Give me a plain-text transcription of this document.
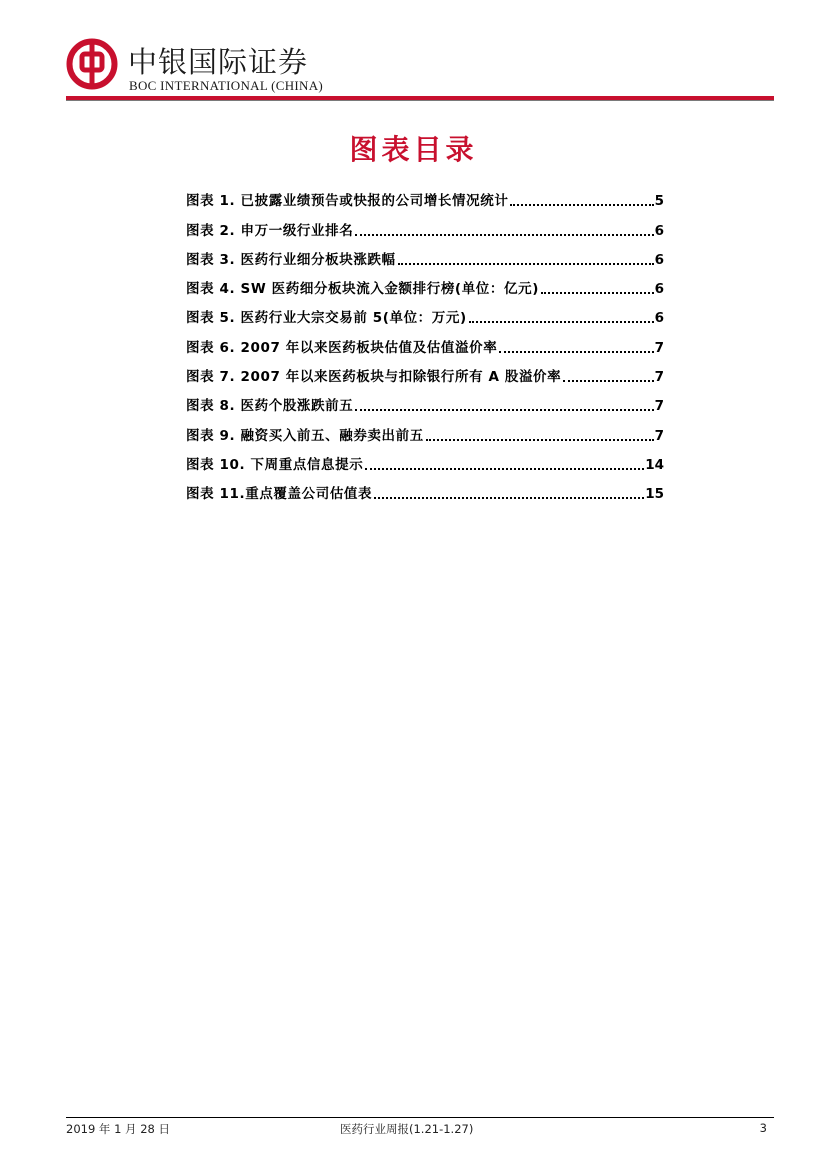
中银国际证券
BOC INTERNATIONAL (CHINA)
图表目录
图表 1. 已披露业绩预告或快报的公司增长情况统计	5
图表 2. 申万一级行业排名	6
图表 3. 医药行业细分板块涨跌幅	6
图表 4. SW 医药细分板块流入金额排行榜(单位：亿元)	6
图表 5. 医药行业大宗交易前 5(单位：万元)	6
图表 6. 2007 年以来医药板块估值及估值溢价率	7
图表 7. 2007 年以来医药板块与扣除银行所有 A 股溢价率	7
图表 8. 医药个股涨跌前五	7
图表 9. 融资买入前五、融券卖出前五	7
图表 10. 下周重点信息提示	14
图表 11.重点覆盖公司估值表	15
2019 年 1 月 28 日	医药行业周报(1.21-1.27)	3
